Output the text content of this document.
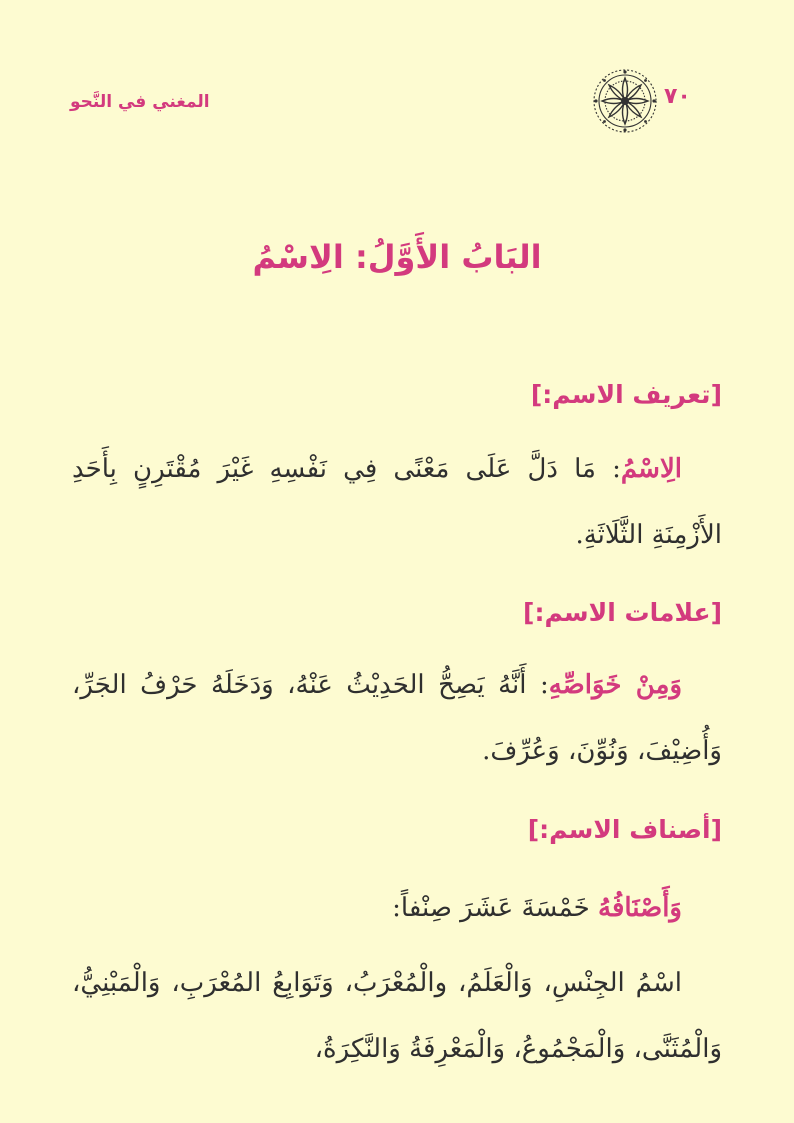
المغني في النَّحو	٧٠
البَابُ الأَوَّلُ: الِاسْمُ
[تعريف الاسم:]
الِاسْمُ: مَا دَلَّ عَلَى مَعْنًى فِي نَفْسِهِ غَيْرَ مُقْتَرِنٍ بِأَحَدِ الأَزْمِنَةِ الثَّلَاثَةِ.
[علامات الاسم:]
وَمِنْ خَوَاصِّهِ: أَنَّهُ يَصِحُّ الحَدِيْثُ عَنْهُ، وَدَخَلَهُ حَرْفُ الجَرِّ، وَأُضِيْفَ، وَنُوِّنَ، وَعُرِّفَ.
[أصناف الاسم:]
وَأَصْنَافُهُ خَمْسَةَ عَشَرَ صِنْفاً:
اسْمُ الجِنْسِ، وَالْعَلَمُ، والْمُعْرَبُ، وَتَوَابِعُ المُعْرَبِ، وَالْمَبْنِيُّ، وَالْمُثَنَّى، وَالْمَجْمُوعُ، وَالْمَعْرِفَةُ وَالنَّكِرَةُ،
